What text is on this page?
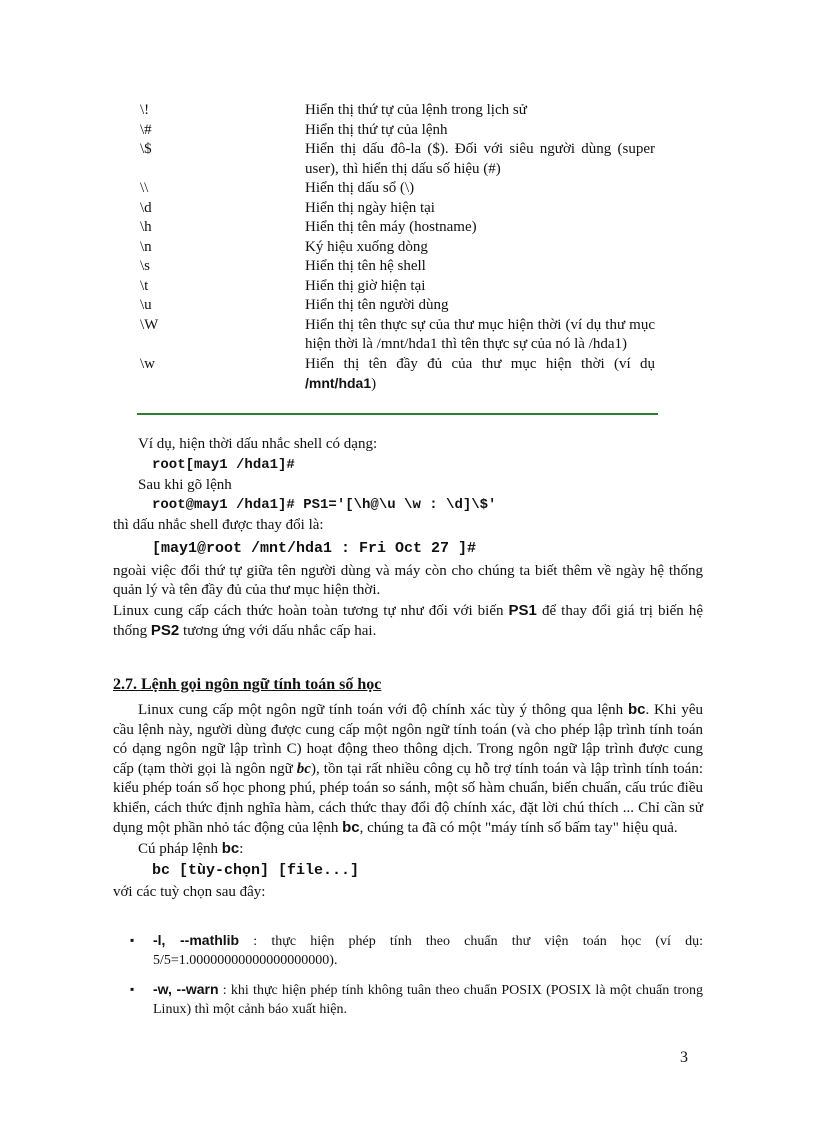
\!	Hiển thị thứ tự của lệnh trong lịch sử
\#	Hiển thị thứ tự của lệnh
\$	Hiển thị dấu đô-la ($). Đối với siêu người dùng (super user), thì hiển thị dấu số hiệu (#)
\\	Hiển thị dấu sổ (\)
\d	Hiển thị ngày hiện tại
\h	Hiển thị tên máy (hostname)
\n	Ký hiệu xuống dòng
\s	Hiển thị tên hệ shell
\t	Hiển thị giờ hiện tại
\u	Hiển thị tên người dùng
\W	Hiển thị tên thực sự của thư mục hiện thời (ví dụ thư mục hiện thời là /mnt/hda1 thì tên thực sự của nó là /hda1)
\w	Hiển thị tên đầy đủ của thư mục hiện thời (ví dụ /mnt/hda1)

Ví dụ, hiện thời dấu nhắc shell có dạng:

root[may1 /hda1]#

Sau khi gõ lệnh

root@may1 /hda1]# PS1='[\h@\u \w : \d]\$'

thì dấu nhắc shell được thay đổi là:

[may1@root /mnt/hda1 : Fri Oct 27 ]#

ngoài việc đổi thứ tự giữa tên người dùng và máy còn cho chúng ta biết thêm về ngày hệ thống quản lý và tên đầy đủ của thư mục hiện thời.

Linux cung cấp cách thức hoàn toàn tương tự như đối với biến PS1 để thay đổi giá trị biến hệ thống PS2 tương ứng với dấu nhắc cấp hai.

2.7. Lệnh gọi ngôn ngữ tính toán số học

Linux cung cấp một ngôn ngữ tính toán với độ chính xác tùy ý thông qua lệnh bc. Khi yêu cầu lệnh này, người dùng được cung cấp một ngôn ngữ tính toán (và cho phép lập trình tính toán có dạng ngôn ngữ lập trình C) hoạt động theo thông dịch. Trong ngôn ngữ lập trình được cung cấp (tạm thời gọi là ngôn ngữ bc), tồn tại rất nhiều công cụ hỗ trợ tính toán và lập trình tính toán: kiểu phép toán số học phong phú, phép toán so sánh, một số hàm chuẩn, biến chuẩn, cấu trúc điều khiển, cách thức định nghĩa hàm, cách thức thay đổi độ chính xác, đặt lời chú thích ... Chỉ cần sử dụng một phần nhỏ tác động của lệnh bc, chúng ta đã có một "máy tính số bấm tay" hiệu quả.

Cú pháp lệnh bc:

bc [tùy-chọn] [file...]

với các tuỳ chọn sau đây:

▪ -l, --mathlib : thực hiện phép tính theo chuẩn thư viện toán học (ví dụ: 5/5=1.00000000000000000000).
▪ -w, --warn : khi thực hiện phép tính không tuân theo chuẩn POSIX (POSIX là một chuẩn trong Linux) thì một cảnh báo xuất hiện.
3
